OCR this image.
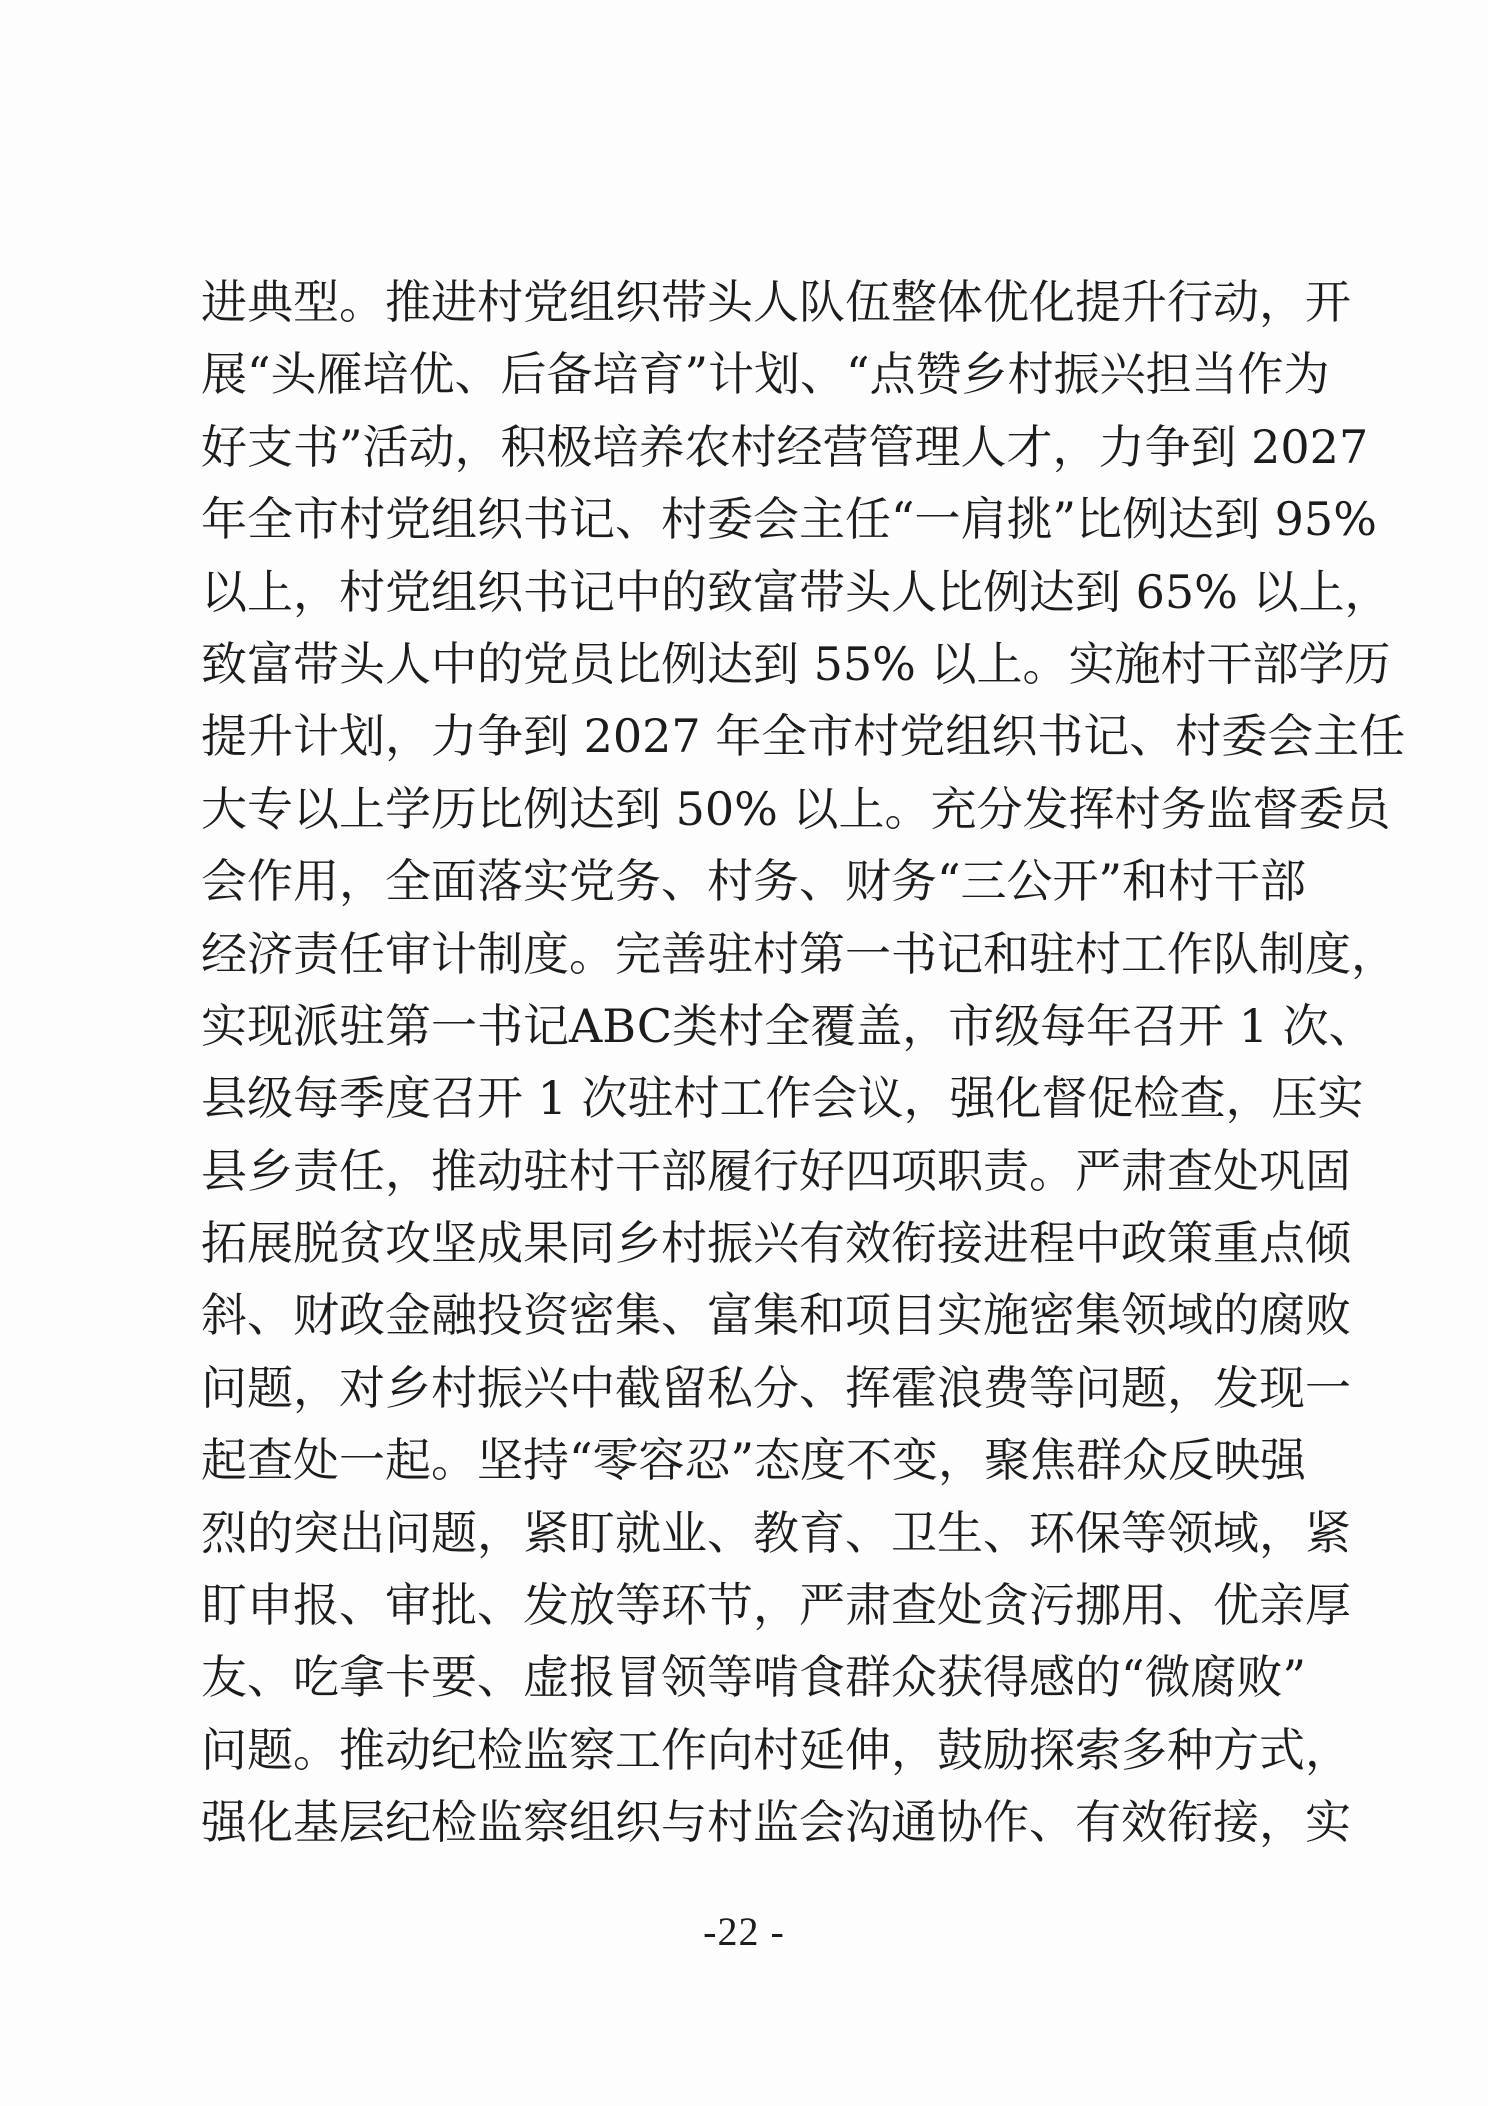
进典型。推进村党组织带头人队伍整体优化提升行动，开
展“头雁培优、后备培育”计划、“点赞乡村振兴担当作为
好支书”活动，积极培养农村经营管理人才，力争到 2027
年全市村党组织书记、村委会主任“一肩挑”比例达到 95%
以上，村党组织书记中的致富带头人比例达到 65% 以上，
致富带头人中的党员比例达到 55% 以上。实施村干部学历
提升计划，力争到 2027 年全市村党组织书记、村委会主任
大专以上学历比例达到 50% 以上。充分发挥村务监督委员
会作用，全面落实党务、村务、财务“三公开”和村干部
经济责任审计制度。完善驻村第一书记和驻村工作队制度，
实现派驻第一书记ABC类村全覆盖，市级每年召开 1 次、
县级每季度召开 1 次驻村工作会议，强化督促检查，压实
县乡责任，推动驻村干部履行好四项职责。严肃查处巩固
拓展脱贫攻坚成果同乡村振兴有效衔接进程中政策重点倾
斜、财政金融投资密集、富集和项目实施密集领域的腐败
问题，对乡村振兴中截留私分、挥霍浪费等问题，发现一
起查处一起。坚持“零容忍”态度不变，聚焦群众反映强
烈的突出问题，紧盯就业、教育、卫生、环保等领域，紧
盯申报、审批、发放等环节，严肃查处贪污挪用、优亲厚
友、吃拿卡要、虚报冒领等啃食群众获得感的“微腐败”
问题。推动纪检监察工作向村延伸，鼓励探索多种方式，
强化基层纪检监察组织与村监会沟通协作、有效衔接，实
-22 -
